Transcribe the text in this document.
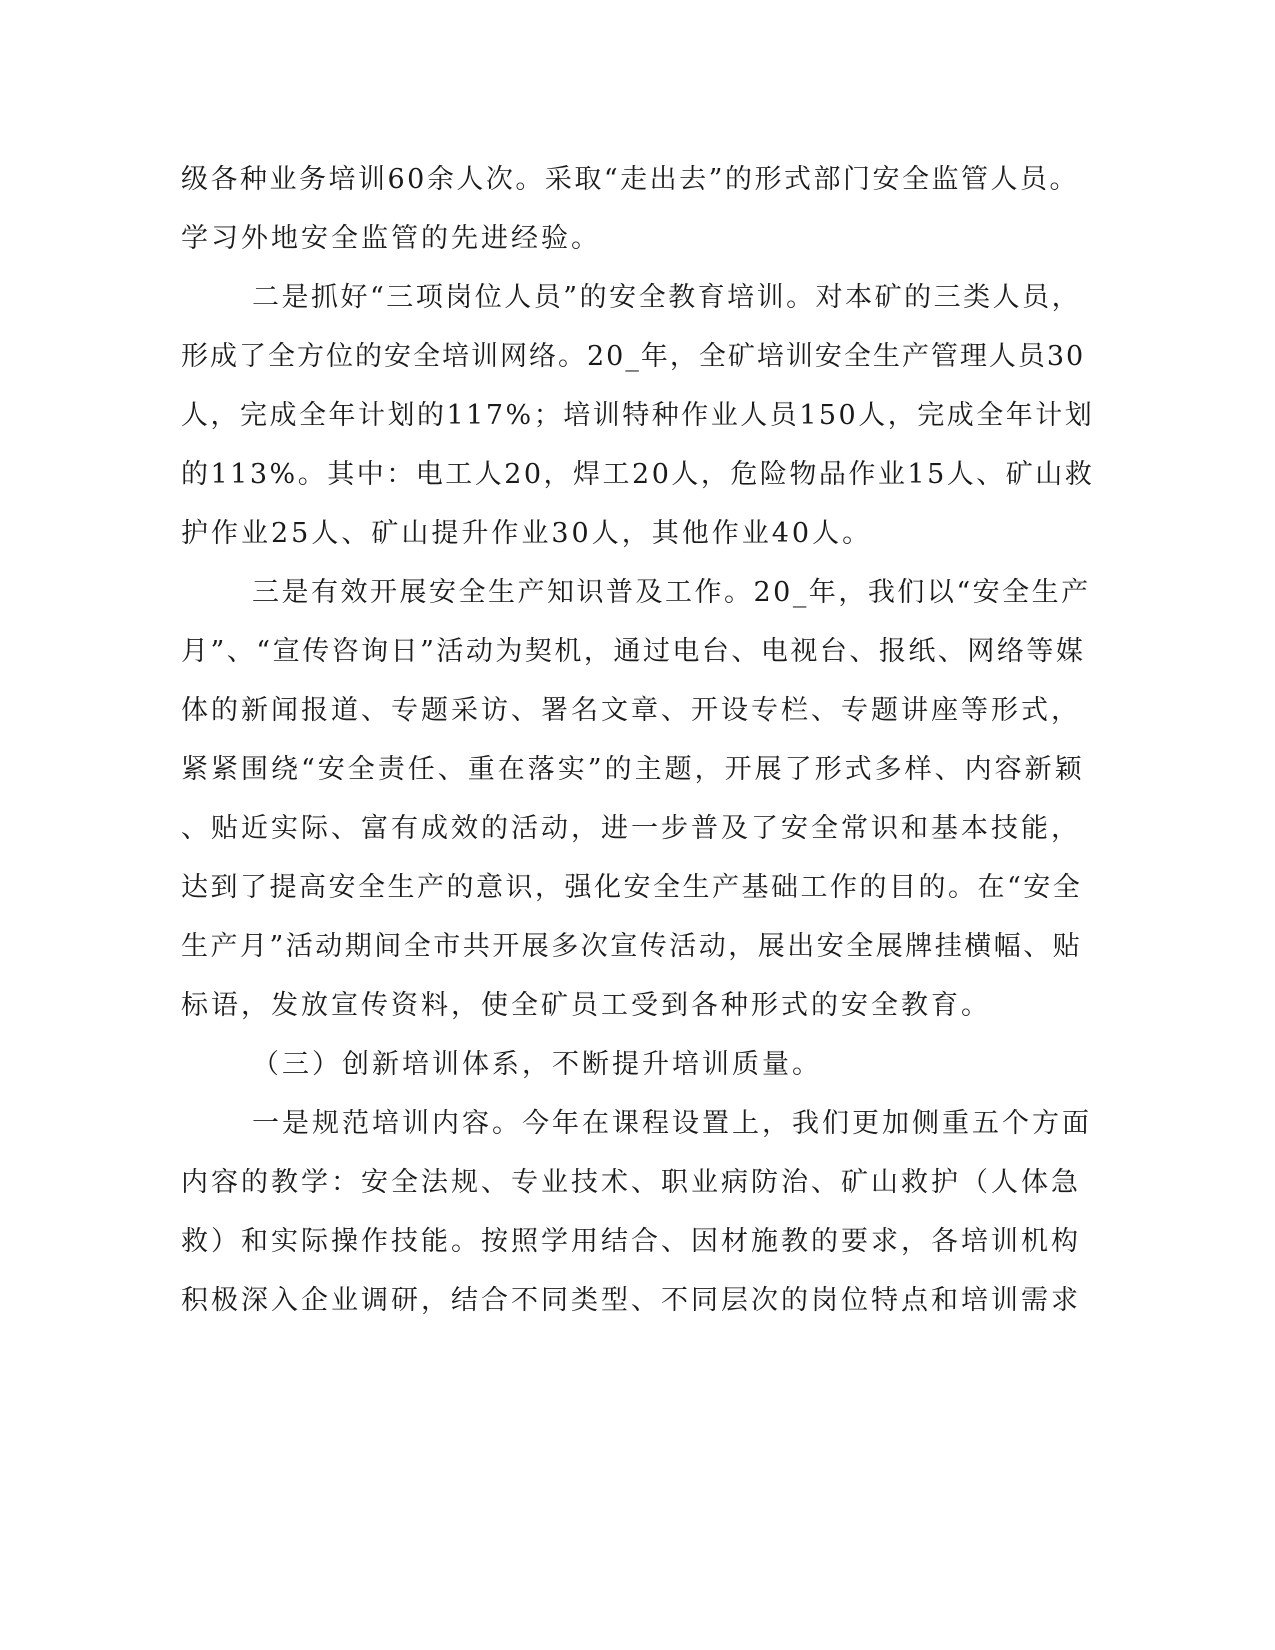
级各种业务培训60余人次。采取“走出去”的形式部门安全监管人员。
学习外地安全监管的先进经验。
二是抓好“三项岗位人员”的安全教育培训。对本矿的三类人员，
形成了全方位的安全培训网络。20_年，全矿培训安全生产管理人员30
人，完成全年计划的117%；培训特种作业人员150人，完成全年计划
的113%。其中：电工人20，焊工20人，危险物品作业15人、矿山救
护作业25人、矿山提升作业30人，其他作业40人。
三是有效开展安全生产知识普及工作。20_年，我们以“安全生产
月”、“宣传咨询日”活动为契机，通过电台、电视台、报纸、网络等媒
体的新闻报道、专题采访、署名文章、开设专栏、专题讲座等形式，
紧紧围绕“安全责任、重在落实”的主题，开展了形式多样、内容新颖
、贴近实际、富有成效的活动，进一步普及了安全常识和基本技能，
达到了提高安全生产的意识，强化安全生产基础工作的目的。在“安全
生产月”活动期间全市共开展多次宣传活动，展出安全展牌挂横幅、贴
标语，发放宣传资料，使全矿员工受到各种形式的安全教育。
（三）创新培训体系，不断提升培训质量。
一是规范培训内容。今年在课程设置上，我们更加侧重五个方面
内容的教学：安全法规、专业技术、职业病防治、矿山救护（人体急
救）和实际操作技能。按照学用结合、因材施教的要求，各培训机构
积极深入企业调研，结合不同类型、不同层次的岗位特点和培训需求
